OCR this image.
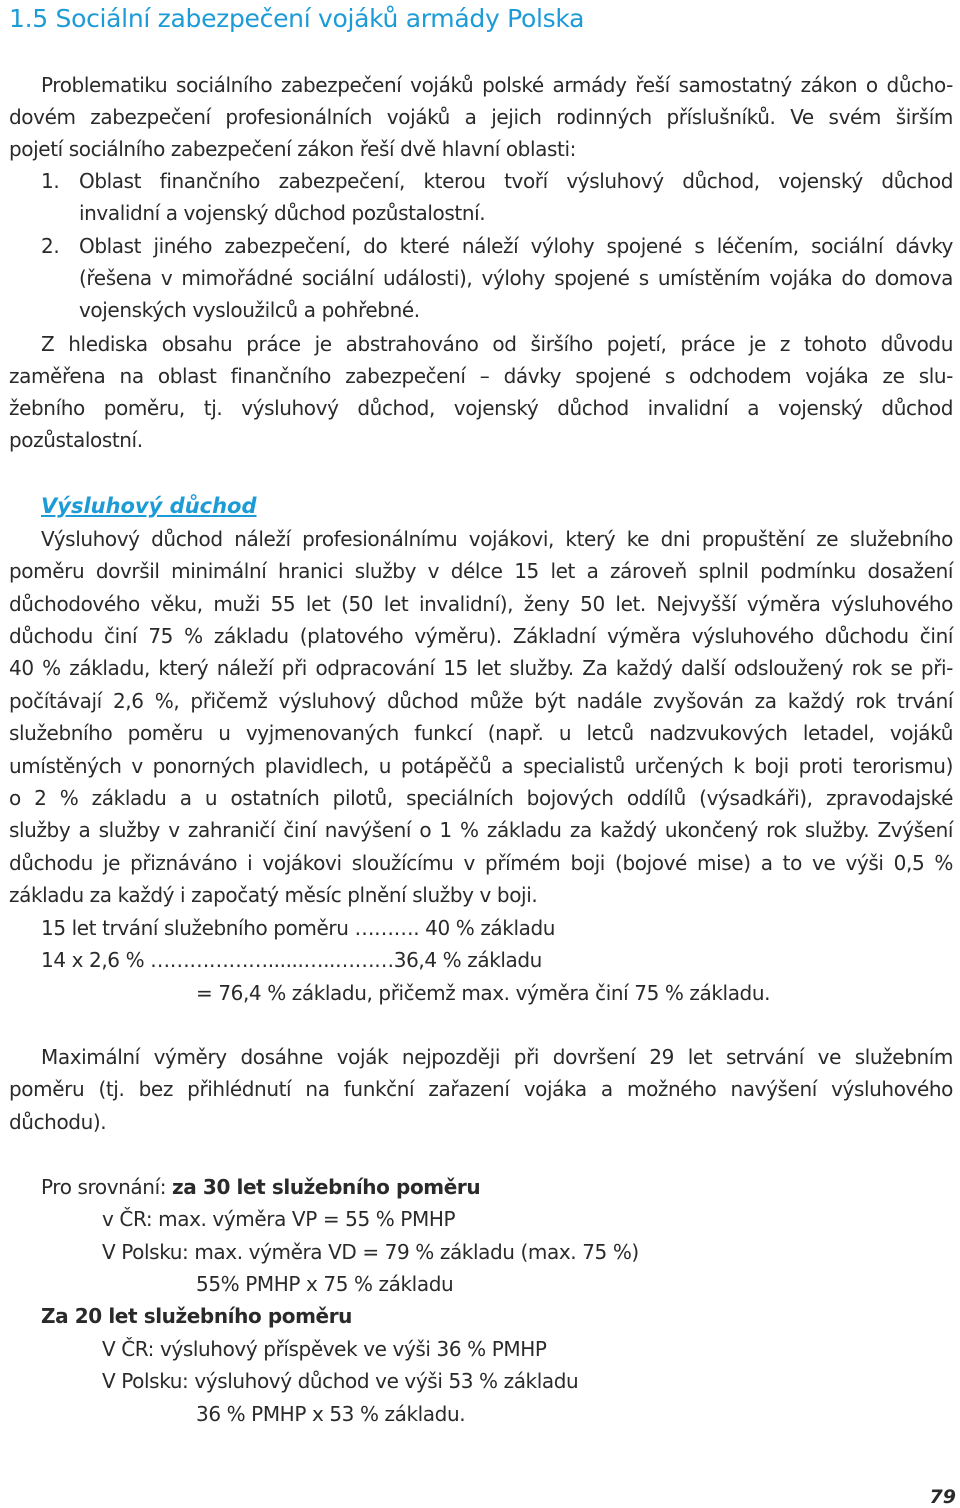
1.5 Sociální zabezpečení vojáků armády Polska
Problematiku sociálního zabezpečení vojáků polské armády řeší samostatný zákon o důcho-
dovém zabezpečení profesionálních vojáků a jejich rodinných příslušníků. Ve svém širším
pojetí sociálního zabezpečení zákon řeší dvě hlavní oblasti:
1. Oblast finančního zabezpečení, kterou tvoří výsluhový důchod, vojenský důchod
invalidní a vojenský důchod pozůstalostní.
2. Oblast jiného zabezpečení, do které náleží výlohy spojené s léčením, sociální dávky
(řešena v mimořádné sociální události), výlohy spojené s umístěním vojáka do domova
vojenských vysloužilců a pohřebné.
Z hlediska obsahu práce je abstrahováno od širšího pojetí, práce je z tohoto důvodu
zaměřena na oblast finančního zabezpečení – dávky spojené s odchodem vojáka ze slu-
žebního poměru, tj. výsluhový důchod, vojenský důchod invalidní a vojenský důchod
pozůstalostní.
Výsluhový důchod
Výsluhový důchod náleží profesionálnímu vojákovi, který ke dni propuštění ze služebního
poměru dovršil minimální hranici služby v délce 15 let a zároveň splnil podmínku dosažení
důchodového věku, muži 55 let (50 let invalidní), ženy 50 let. Nejvyšší výměra výsluhového
důchodu činí 75 % základu (platového výměru). Základní výměra výsluhového důchodu činí
40 % základu, který náleží při odpracování 15 let služby. Za každý další odsloužený rok se při-
počítávají 2,6 %, přičemž výsluhový důchod může být nadále zvyšován za každý rok trvání
služebního poměru u vyjmenovaných funkcí (např. u letců nadzvukových letadel, vojáků
umístěných v ponorných plavidlech, u potápěčů a specialistů určených k boji proti terorismu)
o 2 % základu a u ostatních pilotů, speciálních bojových oddílů (výsadkáři), zpravodajské
služby a služby v zahraničí činí navýšení o 1 % základu za každý ukončený rok služby. Zvýšení
důchodu je přiznáváno i vojákovi sloužícímu v přímém boji (bojové mise) a to ve výši 0,5 %
základu za každý i započatý měsíc plnění služby v boji.
15 let trvání služebního poměru ………. 40 % základu
14 x 2,6 % ………………......…..………36,4 % základu
= 76,4 % základu, přičemž max. výměra činí 75 % základu.
Maximální výměry dosáhne voják nejpozději při dovršení 29 let setrvání ve služebním
poměru (tj. bez přihlédnutí na funkční zařazení vojáka a možného navýšení výsluhového
důchodu).
Pro srovnání: za 30 let služebního poměru
v ČR: max. výměra VP = 55 % PMHP
V Polsku: max. výměra VD = 79 % základu (max. 75 %)
55% PMHP x 75 % základu
Za 20 let služebního poměru
V ČR: výsluhový příspěvek ve výši 36 % PMHP
V Polsku: výsluhový důchod ve výši 53 % základu
36 % PMHP x 53 % základu.
79
